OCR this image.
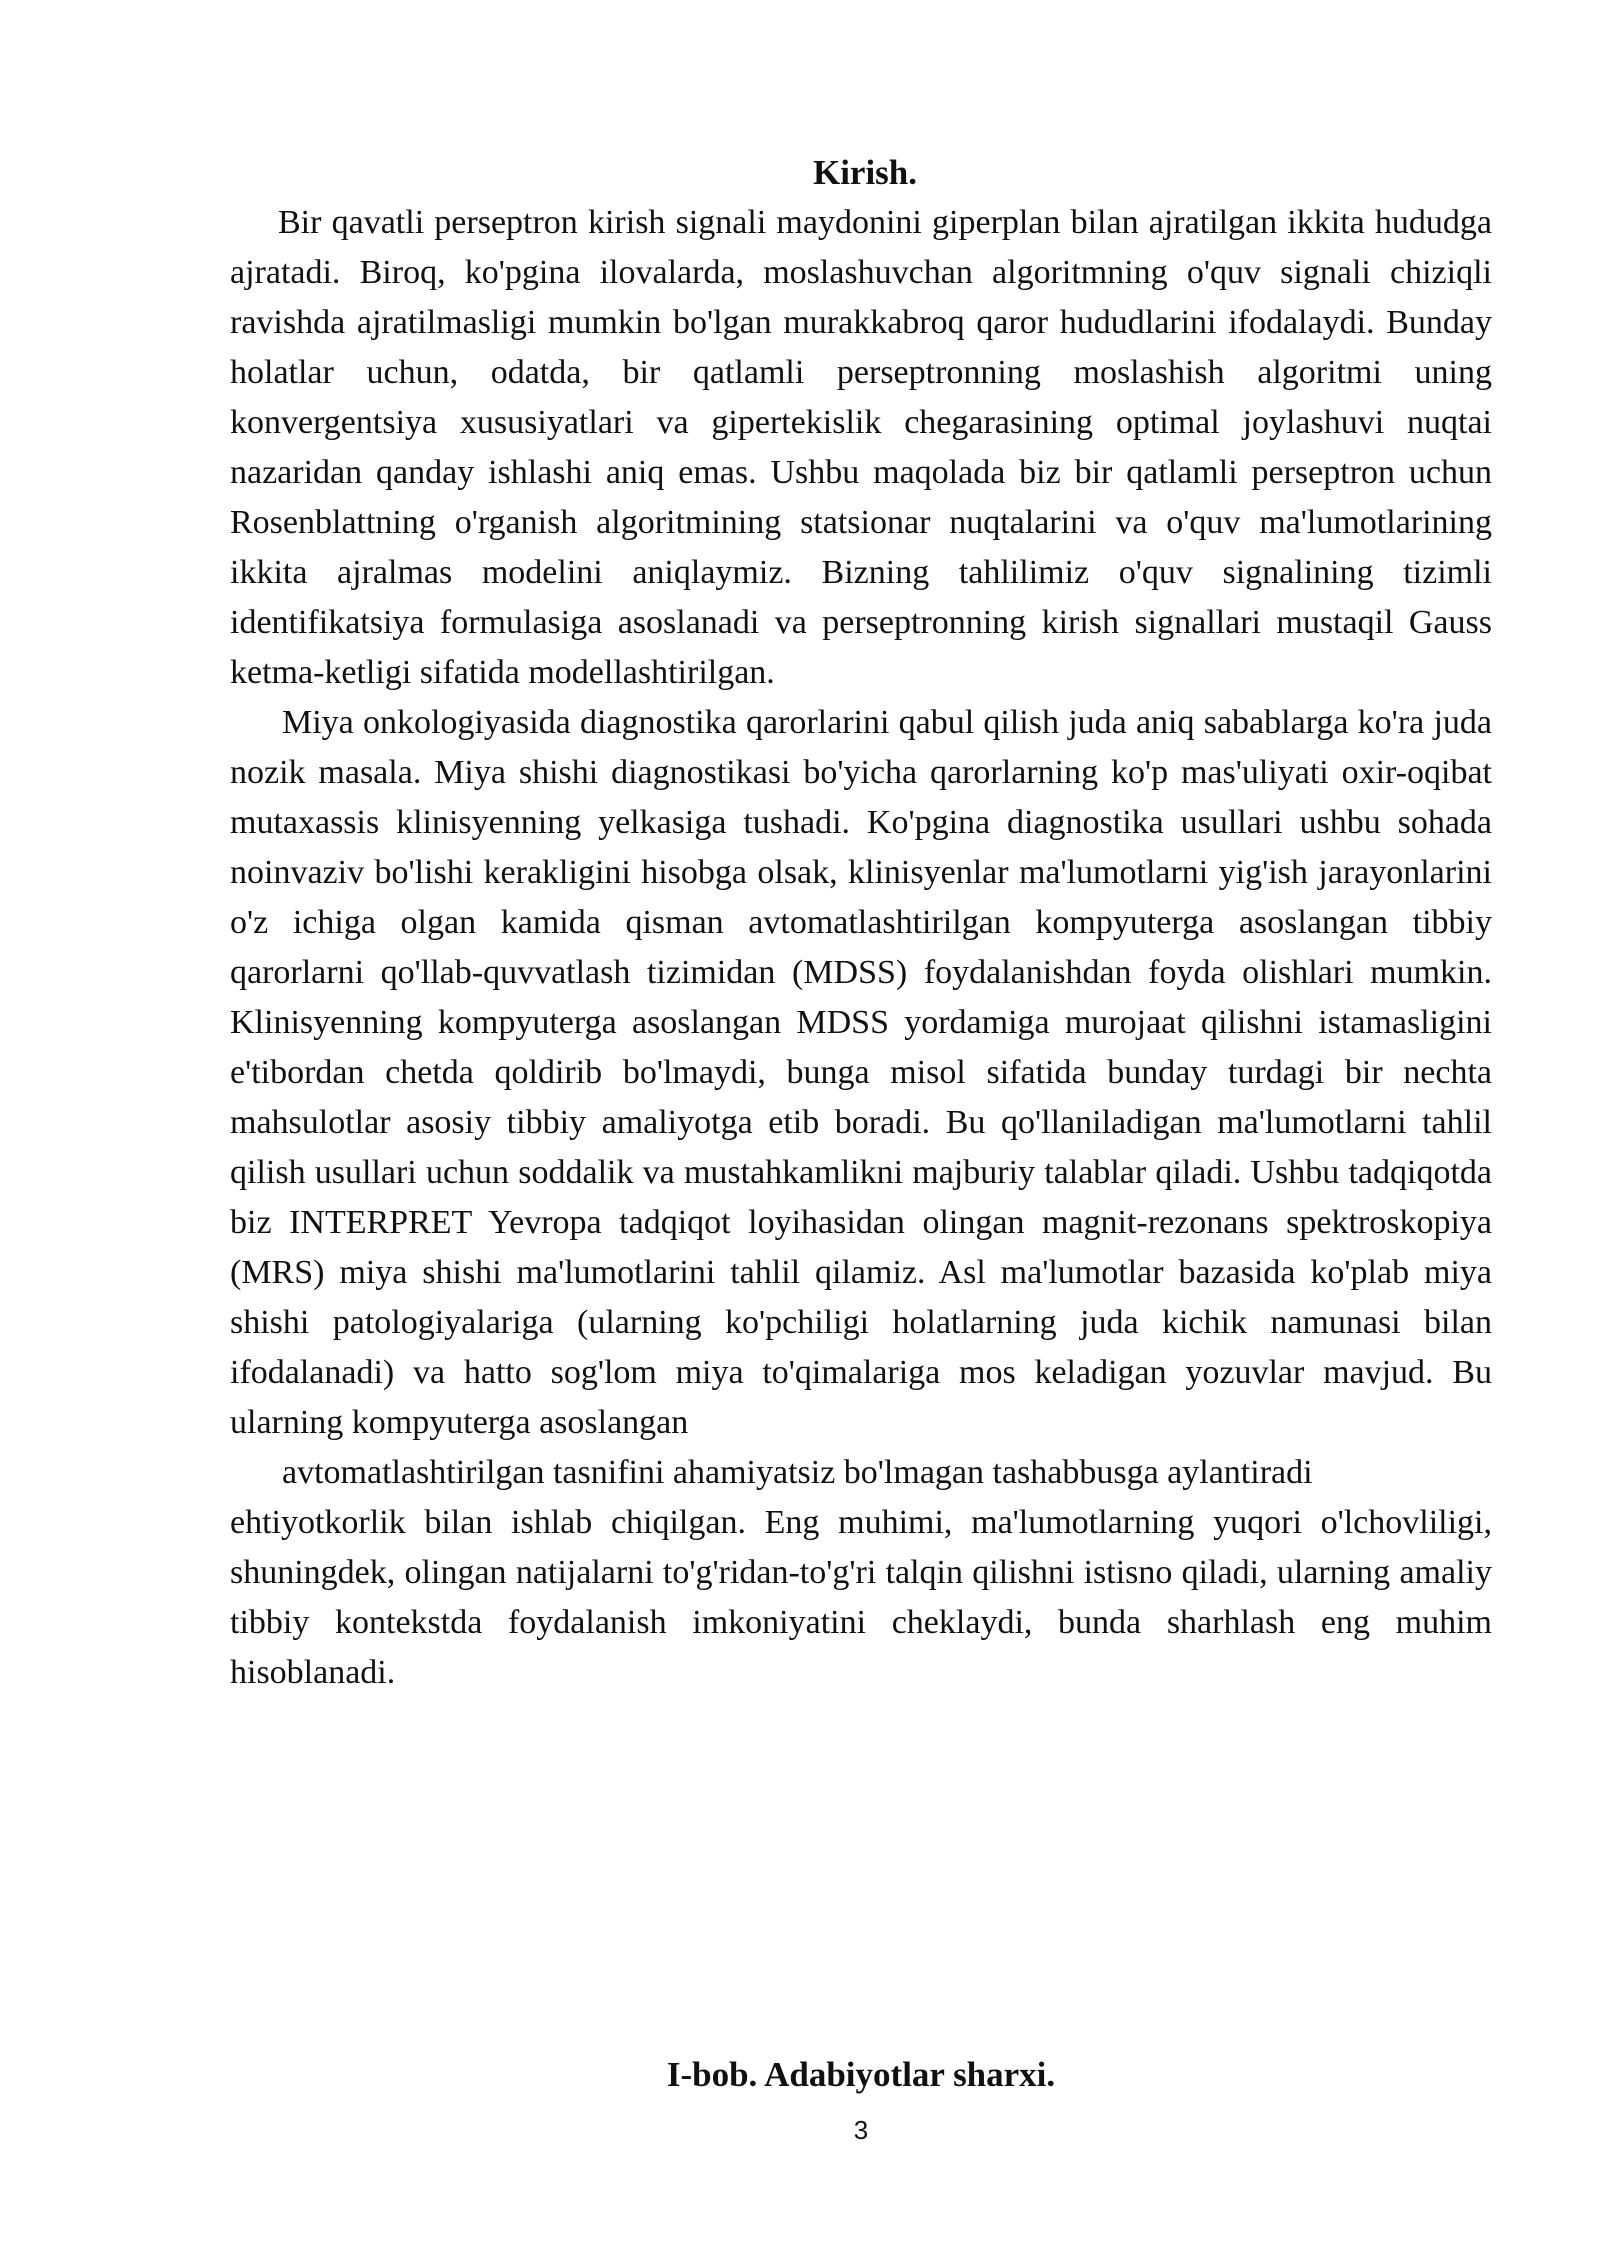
Kirish.

Bir qavatli perseptron kirish signali maydonini giperplan bilan ajratilgan ikkita hududga ajratadi. Biroq, ko'pgina ilovalarda, moslashuvchan algoritmning o'quv signali chiziqli ravishda ajratilmasligi mumkin bo'lgan murakkabroq qaror hududlarini ifodalaydi. Bunday holatlar uchun, odatda, bir qatlamli perseptronning moslashish algoritmi uning konvergentsiya xususiyatlari va gipertekislik chegarasining optimal joylashuvi nuqtai nazaridan qanday ishlashi aniq emas. Ushbu maqolada biz bir qatlamli perseptron uchun Rosenblattning o'rganish algoritmining statsionar nuqtalarini va o'quv ma'lumotlarining ikkita ajralmas modelini aniqlaymiz. Bizning tahlilimiz o'quv signalining tizimli identifikatsiya formulasiga asoslanadi va perseptronning kirish signallari mustaqil Gauss ketma-ketligi sifatida modellashtirilgan.

Miya onkologiyasida diagnostika qarorlarini qabul qilish juda aniq sabablarga ko'ra juda nozik masala. Miya shishi diagnostikasi bo'yicha qarorlarning ko'p mas'uliyati oxir-oqibat mutaxassis klinisyenning yelkasiga tushadi. Ko'pgina diagnostika usullari ushbu sohada noinvaziv bo'lishi kerakligini hisobga olsak, klinisyenlar ma'lumotlarni yig'ish jarayonlarini o'z ichiga olgan kamida qisman avtomatlashtirilgan kompyuterga asoslangan tibbiy qarorlarni qo'llab-quvvatlash tizimidan (MDSS) foydalanishdan foyda olishlari mumkin. Klinisyenning kompyuterga asoslangan MDSS yordamiga murojaat qilishni istamasligini e'tibordan chetda qoldirib bo'lmaydi, bunga misol sifatida bunday turdagi bir nechta mahsulotlar asosiy tibbiy amaliyotga etib boradi. Bu qo'llaniladigan ma'lumotlarni tahlil qilish usullari uchun soddalik va mustahkamlikni majburiy talablar qiladi. Ushbu tadqiqotda biz INTERPRET Yevropa tadqiqot loyihasidan olingan magnit-rezonans spektroskopiya (MRS) miya shishi ma'lumotlarini tahlil qilamiz. Asl ma'lumotlar bazasida ko'plab miya shishi patologiyalariga (ularning ko'pchiligi holatlarning juda kichik namunasi bilan ifodalanadi) va hatto sog'lom miya to'qimalariga mos keladigan yozuvlar mavjud. Bu ularning kompyuterga asoslangan
avtomatlashtirilgan tasnifini ahamiyatsiz bo'lmagan tashabbusga aylantiradi
ehtiyotkorlik bilan ishlab chiqilgan. Eng muhimi, ma'lumotlarning yuqori o'lchovliligi, shuningdek, olingan natijalarni to'g'ridan-to'g'ri talqin qilishni istisno qiladi, ularning amaliy tibbiy kontekstda foydalanish imkoniyatini cheklaydi, bunda sharhlash eng muhim hisoblanadi.

I-bob. Adabiyotlar sharxi.
3
